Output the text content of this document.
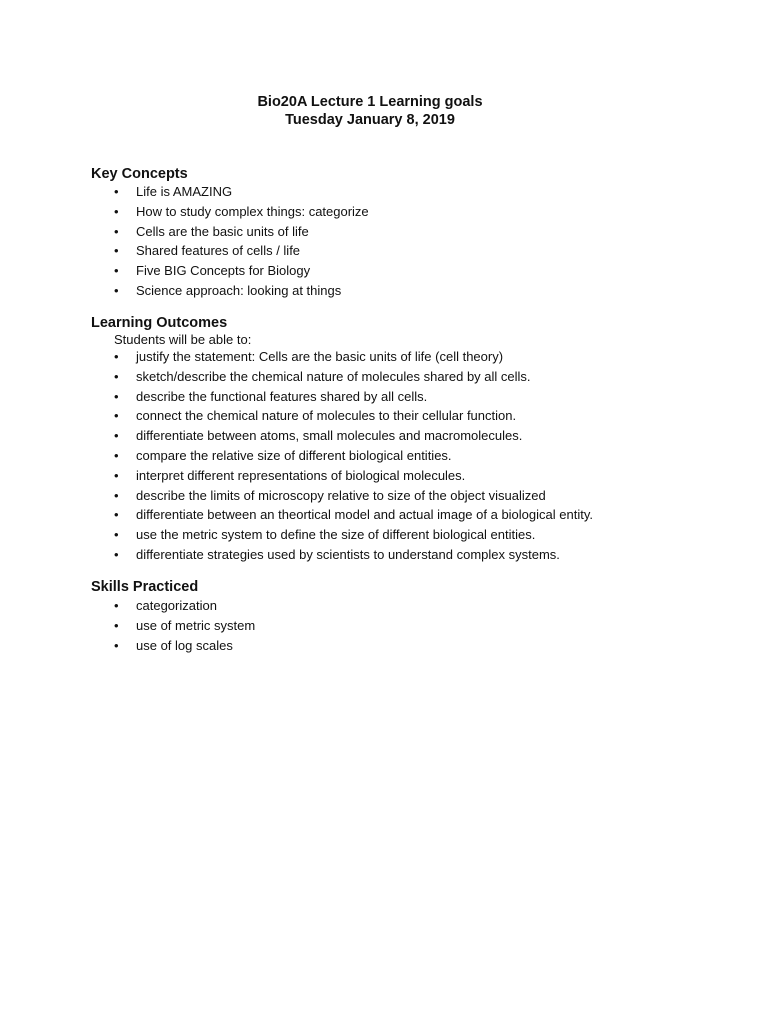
Bio20A Lecture 1 Learning goals
Tuesday January 8, 2019
Key Concepts
• Life is AMAZING
• How to study complex things: categorize
• Cells are the basic units of life
• Shared features of cells / life
• Five BIG Concepts for Biology
• Science approach: looking at things
Learning Outcomes
Students will be able to:
• justify the statement: Cells are the basic units of life (cell theory)
• sketch/describe the chemical nature of molecules shared by all cells.
• describe the functional features shared by all cells.
• connect the chemical nature of molecules to their cellular function.
• differentiate between atoms, small molecules and macromolecules.
• compare the relative size of different biological entities.
• interpret different representations of biological molecules.
• describe the limits of microscopy relative to size of the object visualized
• differentiate between an theortical model and actual image of a biological entity.
• use the metric system to define the size of different biological entities.
• differentiate strategies used by scientists to understand complex systems.
Skills Practiced
• categorization
• use of metric system
• use of log scales
